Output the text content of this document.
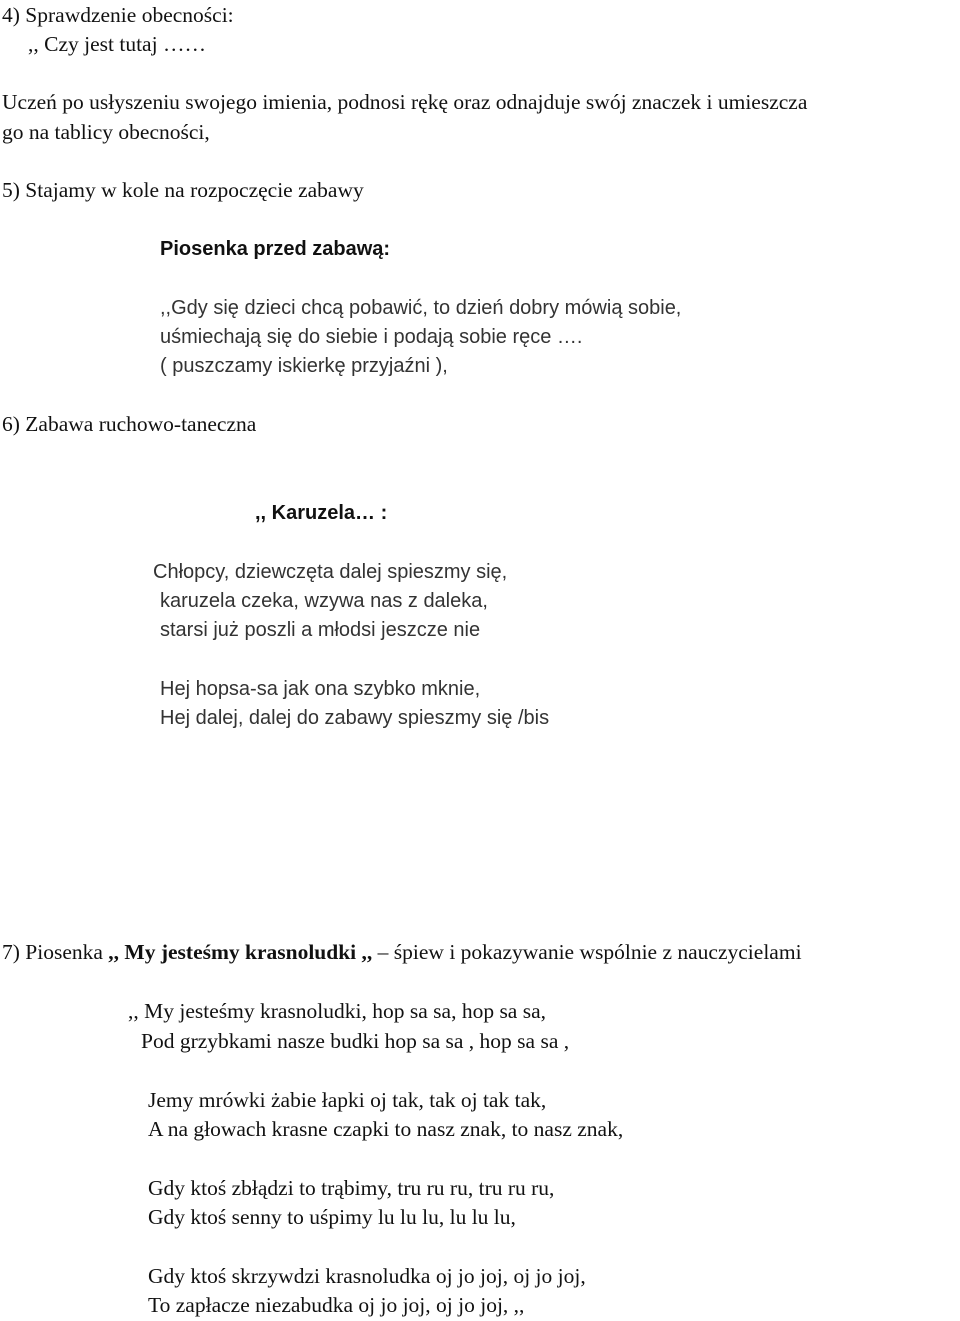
4) Sprawdzenie obecności:

,, Czy jest tutaj ……

Uczeń po usłyszeniu swojego imienia, podnosi rękę oraz odnajduje swój znaczek i umieszcza

go na tablicy obecności,

5) Stajamy w kole na rozpoczęcie zabawy

Piosenka przed zabawą:

,,Gdy się dzieci chcą pobawić, to dzień dobry mówią sobie,

uśmiechają się do siebie i podają sobie ręce ….

( puszczamy iskierkę przyjaźni ),

6) Zabawa ruchowo-taneczna

,, Karuzela… :

Chłopcy, dziewczęta dalej spieszmy się,

karuzela czeka, wzywa nas z daleka,

starsi już poszli a młodsi jeszcze nie

Hej hopsa-sa jak ona szybko mknie,

Hej dalej, dalej do zabawy spieszmy się /bis

7) Piosenka ,, My jesteśmy krasnoludki ,, – śpiew i pokazywanie wspólnie z nauczycielami

,, My jesteśmy krasnoludki, hop sa sa, hop sa sa,

Pod grzybkami nasze budki hop sa sa , hop sa sa ,

Jemy mrówki żabie łapki oj tak, tak oj tak tak,

A na głowach krasne czapki to nasz znak, to nasz znak,

Gdy ktoś zbłądzi to trąbimy, tru ru ru, tru ru ru,

Gdy ktoś senny to uśpimy lu lu lu, lu lu lu,

Gdy ktoś skrzywdzi krasnoludka oj jo joj, oj jo joj,

To zapłacze niezabudka oj jo joj, oj jo joj, ,,
